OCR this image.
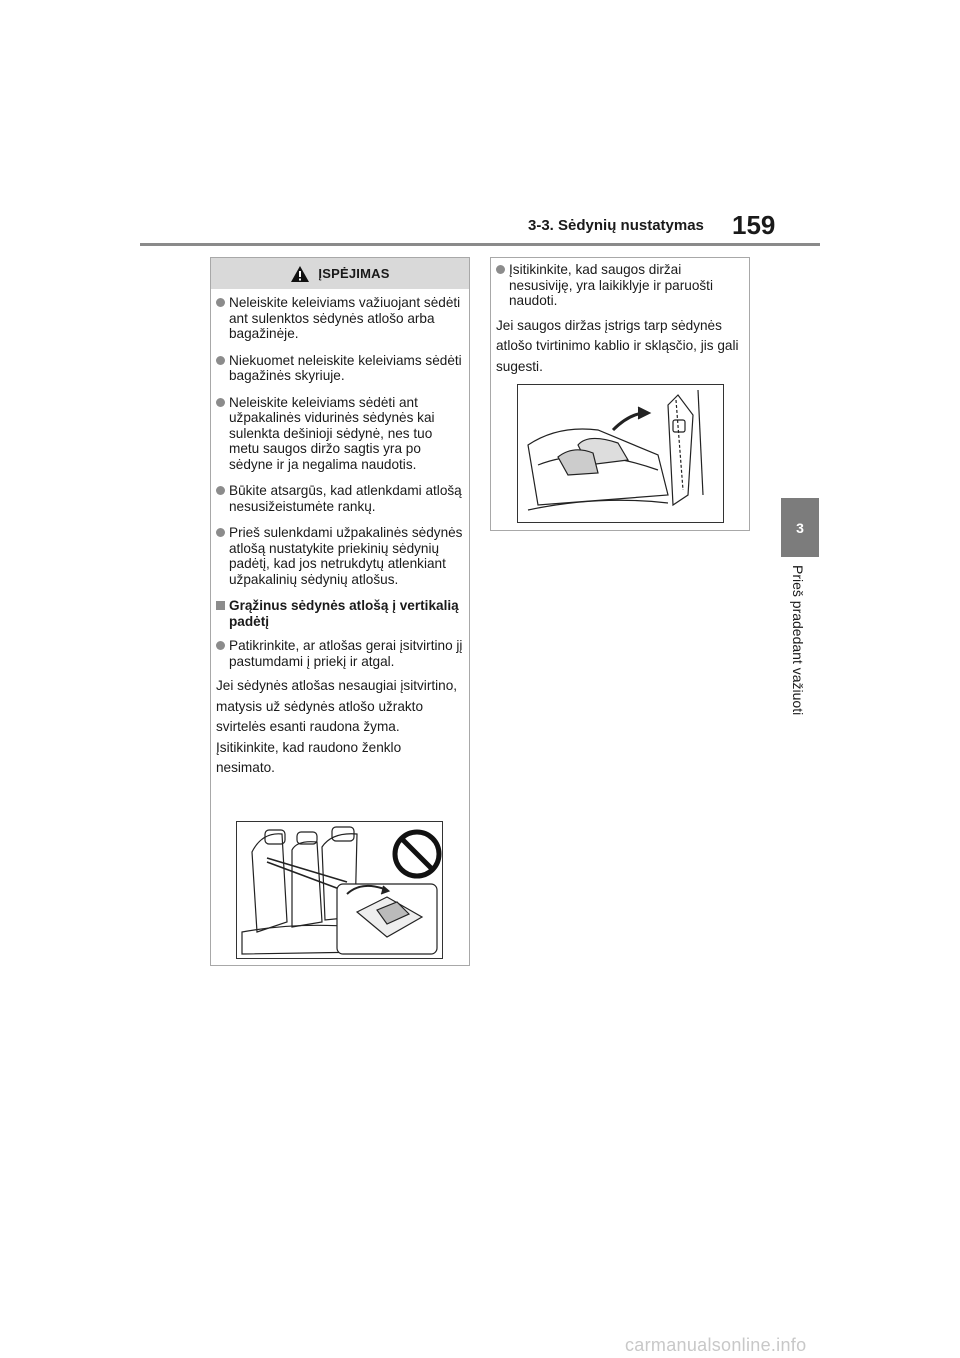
3-3. Sėdynių nustatymas 159
3
Prieš pradedant važiuoti
ĮSPĖJIMAS
Neleiskite keleiviams važiuojant sėdėti ant sulenktos sėdynės atlošo arba bagažinėje.
Niekuomet neleiskite keleiviams sėdėti bagažinės skyriuje.
Neleiskite keleiviams sėdėti ant užpakalinės vidurinės sėdynės kai sulenkta dešinioji sėdynė, nes tuo metu saugos diržo sagtis yra po sėdyne ir ja negalima naudotis.
Būkite atsargūs, kad atlenkdami atlošą nesusižeistumėte rankų.
Prieš sulenkdami užpakalinės sėdynės atlošą nustatykite priekinių sėdynių padėtį, kad jos netrukdytų atlenkiant užpakalinių sėdynių atlošus.
Grąžinus sėdynės atlošą į vertikalią padėtį
Patikrinkite, ar atlošas gerai įsitvirtino jį pastumdami į priekį ir atgal.
Jei sėdynės atlošas nesaugiai įsitvirtino, matysis už sėdynės atlošo užrakto svirtelės esanti raudona žyma. Įsitikinkite, kad raudono ženklo nesimato.
Įsitikinkite, kad saugos diržai nesusiviję, yra laikiklyje ir paruošti naudoti.
Jei saugos diržas įstrigs tarp sėdynės atlošo tvirtinimo kablio ir skląsčio, jis gali sugesti.
carmanualsonline.info
